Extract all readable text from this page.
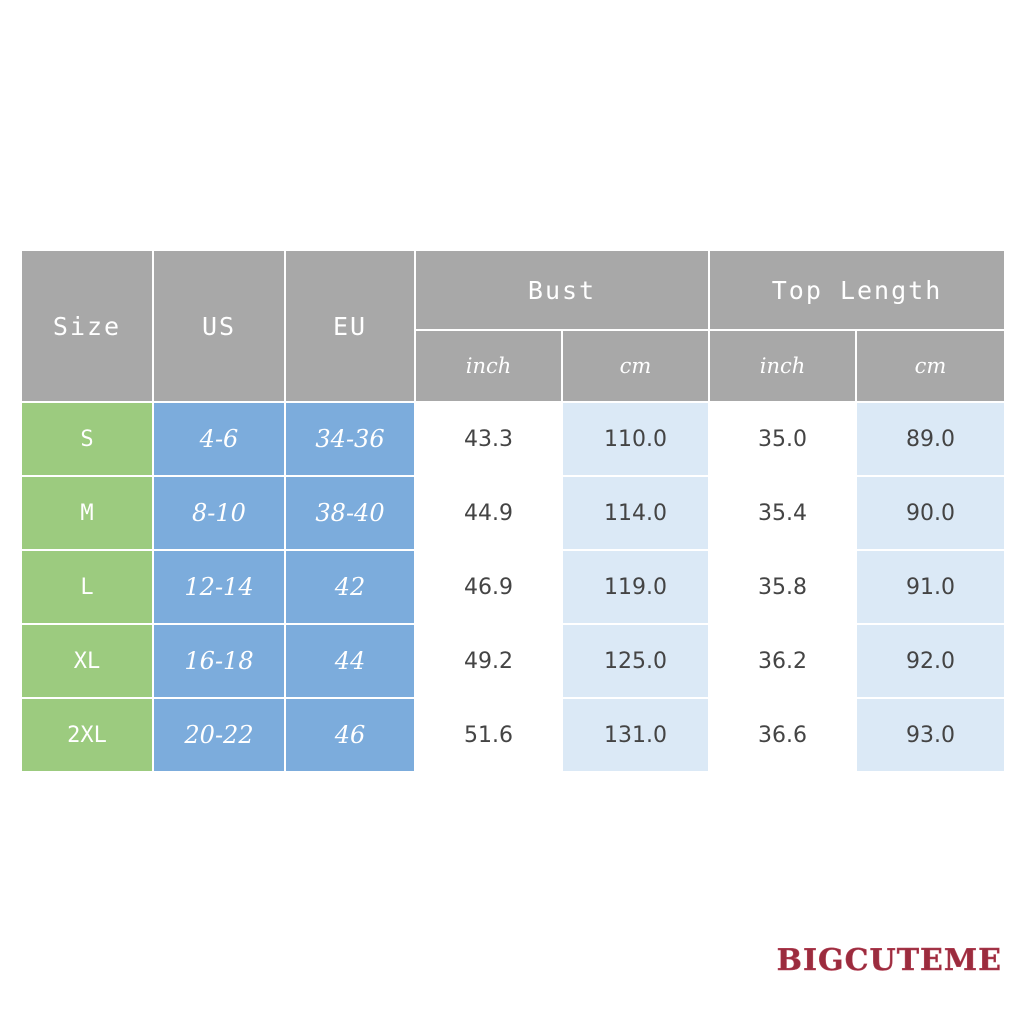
Size	US	EU	Bust		Top Length	
			inch	cm	inch	cm
S	4-6	34-36	43.3	110.0	35.0	89.0
M	8-10	38-40	44.9	114.0	35.4	90.0
L	12-14	42	46.9	119.0	35.8	91.0
XL	16-18	44	49.2	125.0	36.2	92.0
2XL	20-22	46	51.6	131.0	36.6	93.0
BIGCUTEME
